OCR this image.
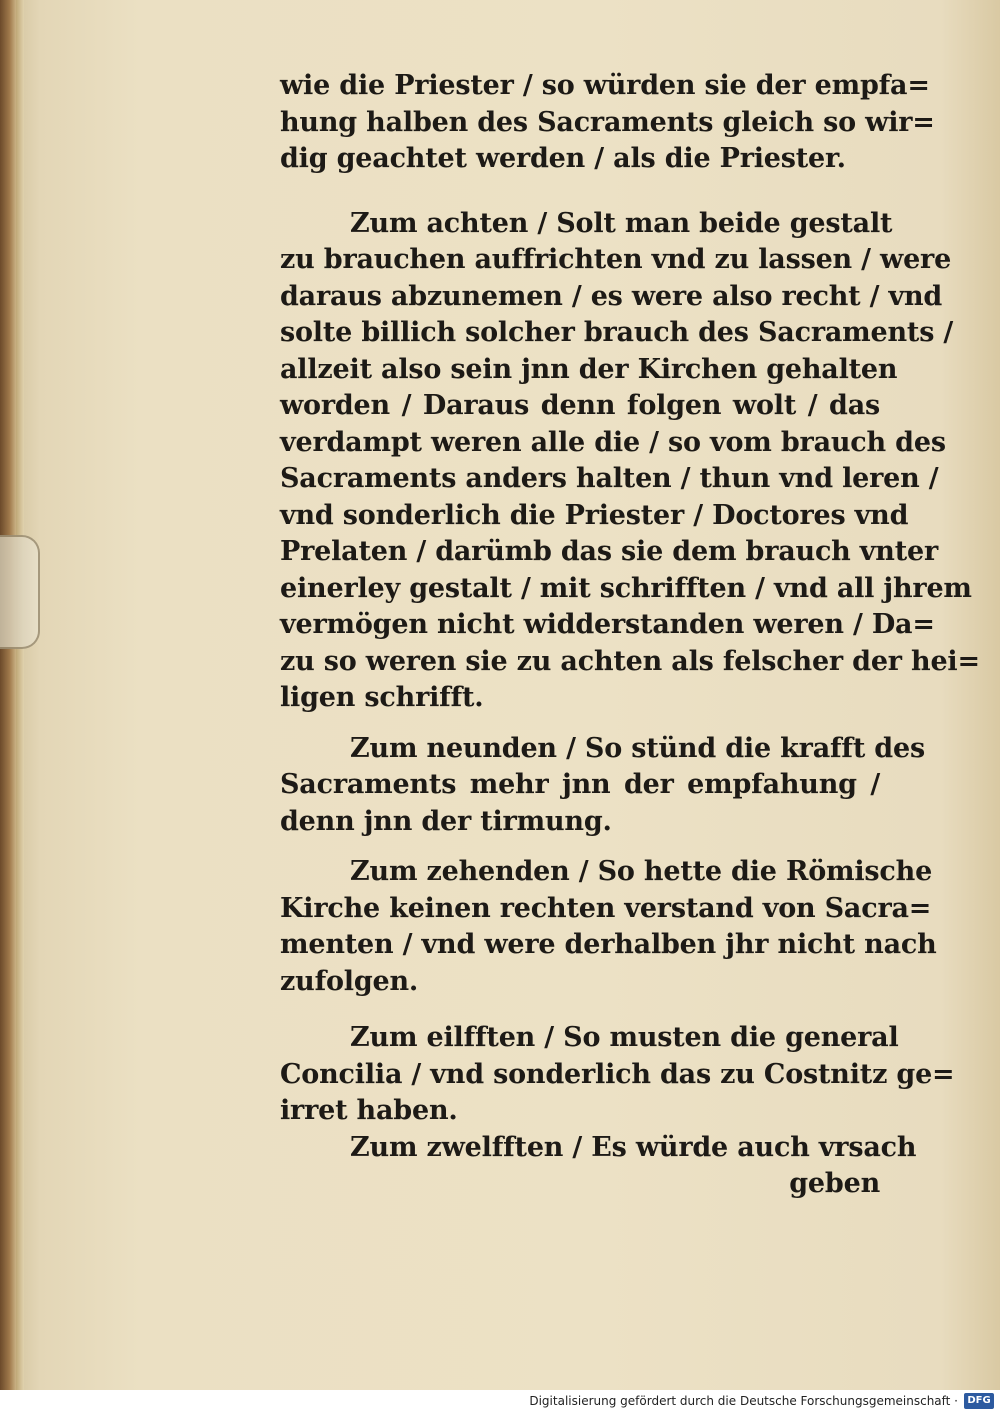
wie die Priester / so würden sie der empfa=
hung halben des Sacraments gleich so wir=
dig geachtet werden / als die Priester.
Zum achten / Solt man beide gestalt
zu brauchen auffrichten vnd zu lassen / were
daraus abzunemen / es were also recht / vnd
solte billich solcher brauch des Sacraments /
allzeit also sein jnn der Kirchen gehalten
worden / Daraus denn folgen wolt / das
verdampt weren alle die / so vom brauch des
Sacraments anders halten / thun vnd leren /
vnd sonderlich die Priester / Doctores vnd
Prelaten / darümb das sie dem brauch vnter
einerley gestalt / mit schrifften / vnd all jhrem
vermögen nicht widderstanden weren / Da=
zu so weren sie zu achten als felscher der hei=
ligen schrifft.
Zum neunden / So stünd die krafft des
Sacraments mehr jnn der empfahung /
denn jnn der tirmung.
Zum zehenden / So hette die Römische
Kirche keinen rechten verstand von Sacra=
menten / vnd were derhalben jhr nicht nach
zufolgen.
Zum eilfften / So musten die general
Concilia / vnd sonderlich das zu Costnitz ge=
irret haben.
Zum zwelfften / Es würde auch vrsach
geben
Digitalisierung gefördert durch die Deutsche Forschungsgemeinschaft · DFG
